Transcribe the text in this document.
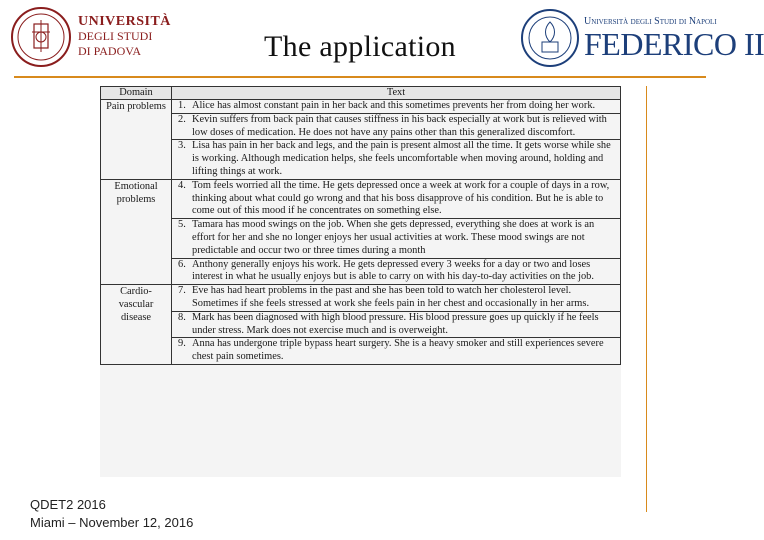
UNIVERSITÀ
DEGLI STUDI
DI PADOVA	The application
Università degli Studi di Napoli
FEDERICO II
Domain	Text
Pain problems	1. Alice has almost constant pain in her back and this sometimes prevents her from doing her work.

	2. Kevin suffers from back pain that causes stiffness in his back especially at work but is relieved with low doses of medication. He does not have any pains other than this generalized discomfort.

	3. Lisa has pain in her back and legs, and the pain is present almost all the time. It gets worse while she is working. Although medication helps, she feels uncomfortable when moving around, holding and lifting things at work.

Emotional problems	4. Tom feels worried all the time. He gets depressed once a week at work for a couple of days in a row, thinking about what could go wrong and that his boss disapprove of his condition. But he is able to come out of this mood if he concentrates on something else.

	5. Tamara has mood swings on the job. When she gets depressed, everything she does at work is an effort for her and she no longer enjoys her usual activities at work. These mood swings are not predictable and occur two or three times during a month

	6. Anthony generally enjoys his work. He gets depressed every 3 weeks for a day or two and loses interest in what he usually enjoys but is able to carry on with his day-to-day activities on the job.

Cardio-vascular disease	7. Eve has had heart problems in the past and she has been told to watch her cholesterol level. Sometimes if she feels stressed at work she feels pain in her chest and occasionally in her arms.

	8. Mark has been diagnosed with high blood pressure. His blood pressure goes up quickly if he feels under stress. Mark does not exercise much and is overweight.

	9. Anna has undergone triple bypass heart surgery. She is a heavy smoker and still experiences severe chest pain sometimes.
QDET2 2016
Miami – November 12, 2016
